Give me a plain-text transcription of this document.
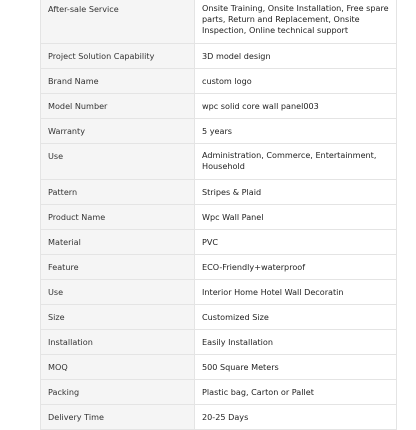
After-sale Service	Onsite Training, Onsite Installation, Free spare parts, Return and Replacement, Onsite Inspection, Online technical support
Project Solution Capability	3D model design
Brand Name	custom logo
Model Number	wpc solid core wall panel003
Warranty	5 years
Use	Administration, Commerce, Entertainment, Household
Pattern	Stripes & Plaid
Product Name	Wpc Wall Panel
Material	PVC
Feature	ECO-Friendly+waterproof
Use	Interior Home Hotel Wall Decoratin
Size	Customized Size
Installation	Easily Installation
MOQ	500 Square Meters
Packing	Plastic bag, Carton or Pallet
Delivery Time	20-25 Days
